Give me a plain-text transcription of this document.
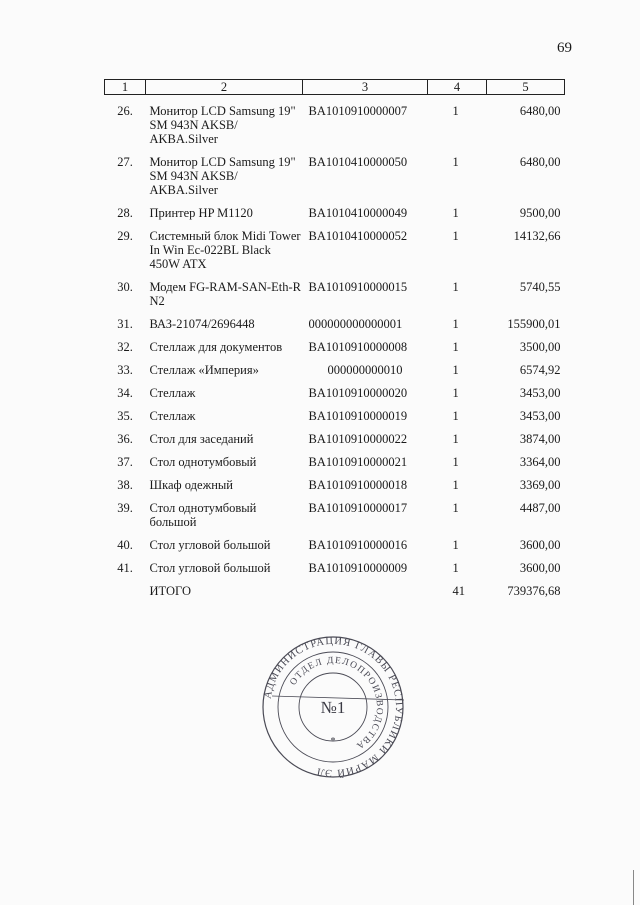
69
1	2	3	4	5

26.	Монитор LCD Samsung 19" SM 943N AKSB/ AKBA.Silver	BA1010910000007	1	6480,00

27.	Монитор LCD Samsung 19" SM 943N AKSB/ AKBA.Silver	BA1010410000050	1	6480,00

28.	Принтер HP M1120	BA1010410000049	1	9500,00

29.	Системный блок Midi Tower In Win Ec-022BL Black 450W ATX	BA1010410000052	1	14132,66

30.	Модем FG-RAM-SAN-Eth-R N2	BA1010910000015	1	5740,55

31.	ВАЗ-21074/2696448	000000000000001	1	155900,01

32.	Стеллаж для документов	BA1010910000008	1	3500,00

33.	Стеллаж «Империя»	000000000010	1	6574,92

34.	Стеллаж	BA1010910000020	1	3453,00

35.	Стеллаж	BA1010910000019	1	3453,00

36.	Стол для заседаний	BA1010910000022	1	3874,00

37.	Стол однотумбовый	BA1010910000021	1	3364,00

38.	Шкаф одежный	BA1010910000018	1	3369,00

39.	Стол однотумбовый большой	BA1010910000017	1	4487,00

40.	Стол угловой большой	BA1010910000016	1	3600,00

41.	Стол угловой большой	BA1010910000009	1	3600,00

	ИТОГО		41	739376,68
АДМИНИСТРАЦИЯ ГЛАВЫ РЕСПУБЛИКИ МАРИЙ ЭЛ
ОТДЕЛ ДЕЛОПРОИЗВОДСТВА
№1
*
